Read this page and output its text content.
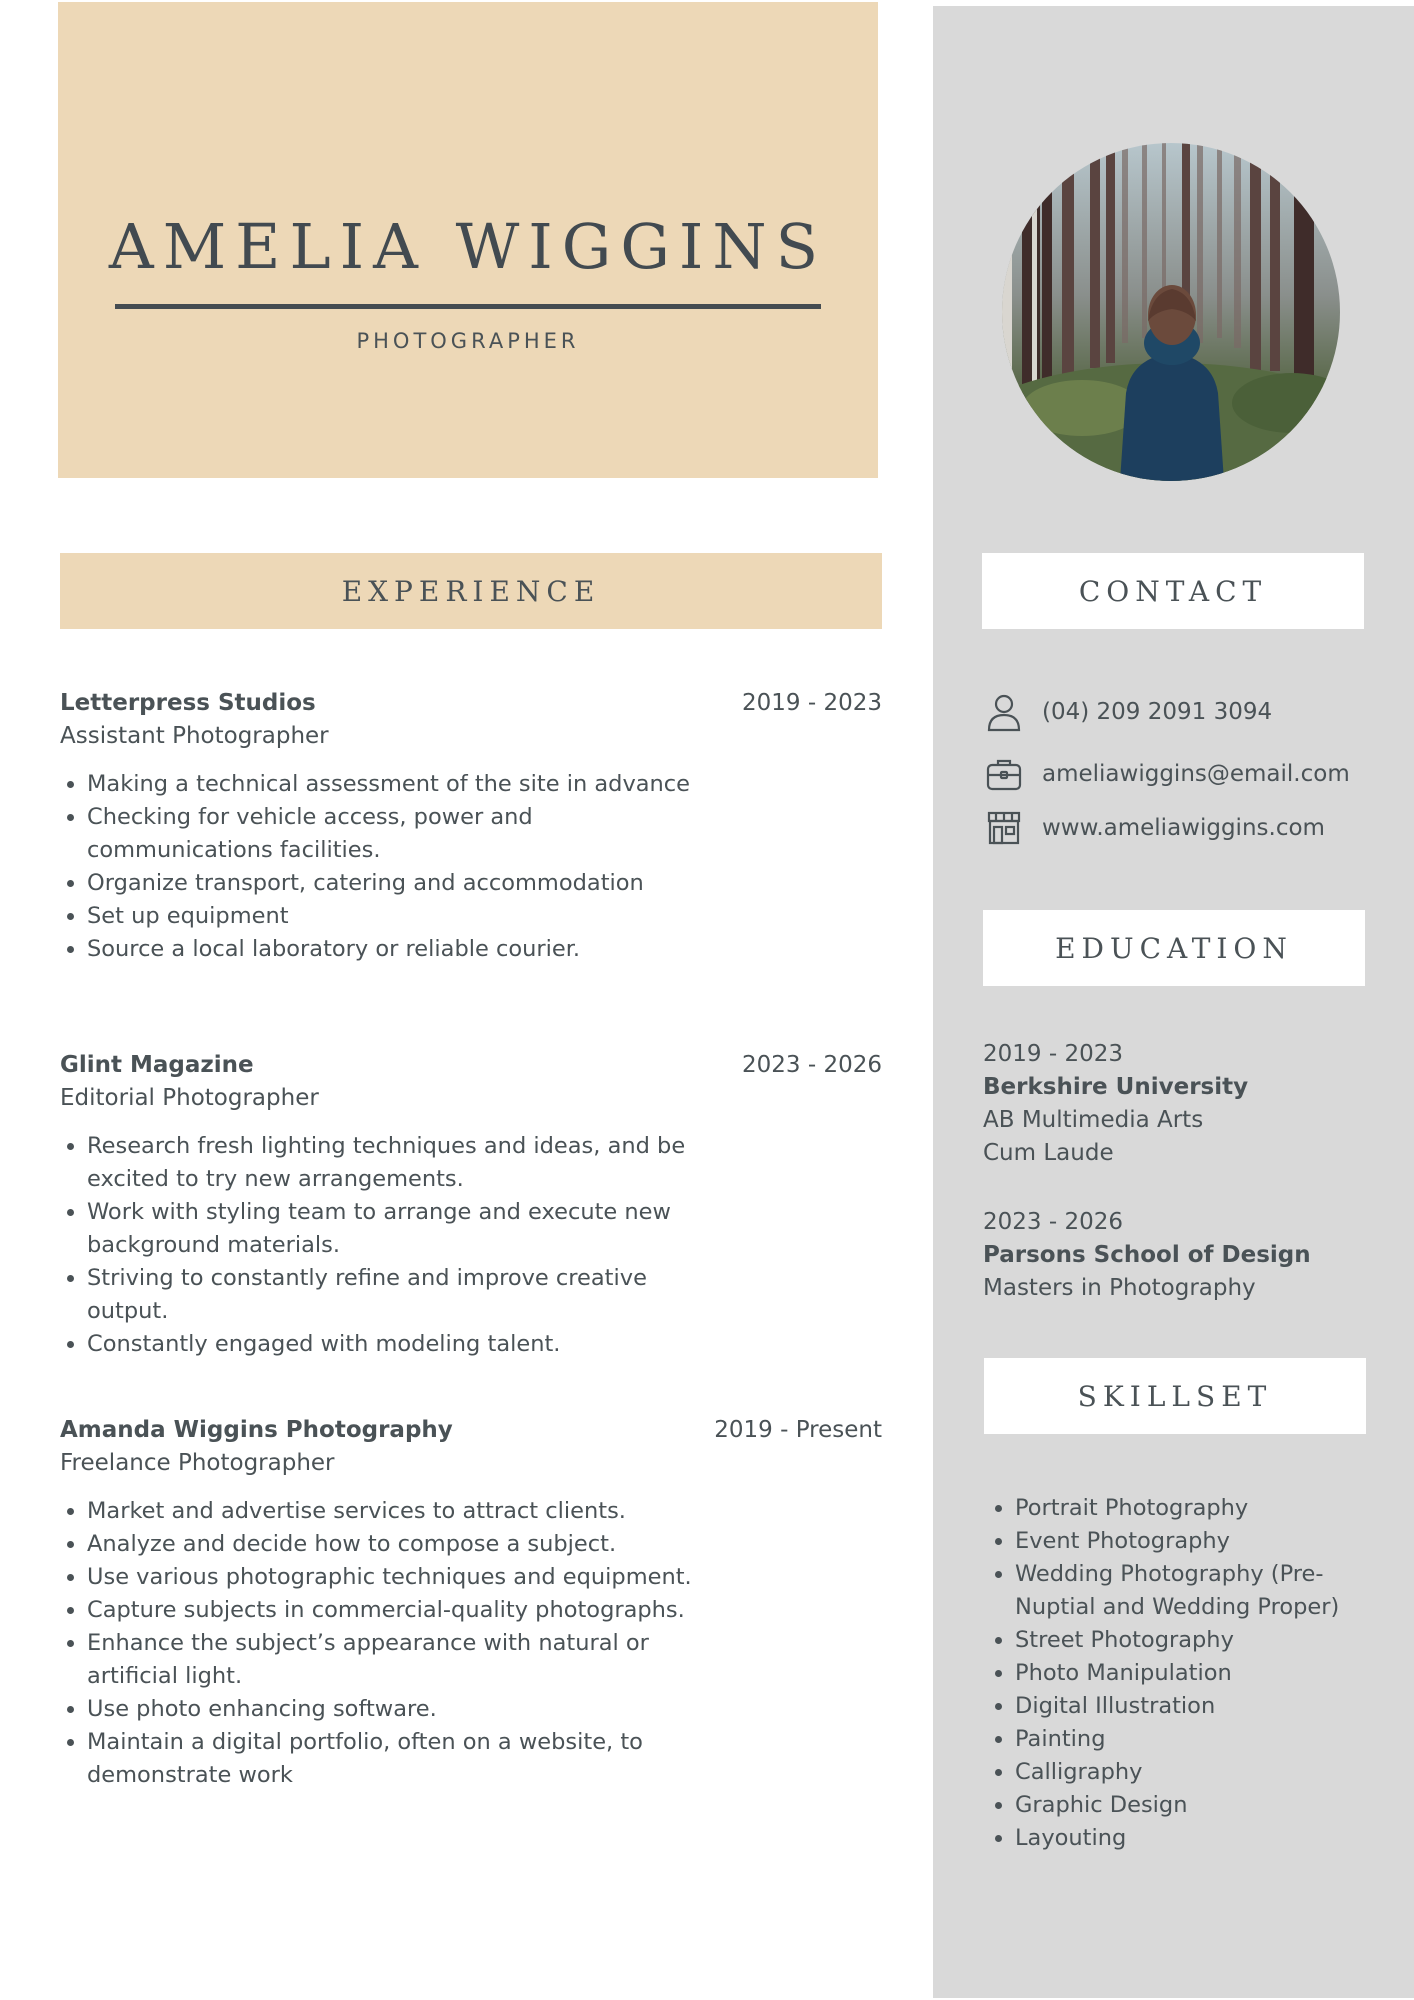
AMELIA WIGGINS
PHOTOGRAPHER
EXPERIENCE	CONTACT
EDUCATION
SKILLSET
Letterpress Studios	2019 - 2023
Assistant Photographer
• Making a technical assessment of the site in advance
• Checking for vehicle access, power and communications facilities.
• Organize transport, catering and accommodation
• Set up equipment
• Source a local laboratory or reliable courier.
Glint Magazine	2023 - 2026
Editorial Photographer
• Research fresh lighting techniques and ideas, and be excited to try new arrangements.
• Work with styling team to arrange and execute new background materials.
• Striving to constantly refine and improve creative output.
• Constantly engaged with modeling talent.
Amanda Wiggins Photography	2019 - Present
Freelance Photographer
• Market and advertise services to attract clients.
• Analyze and decide how to compose a subject.
• Use various photographic techniques and equipment.
• Capture subjects in commercial-quality photographs.
• Enhance the subject’s appearance with natural or artificial light.
• Use photo enhancing software.
• Maintain a digital portfolio, often on a website, to demonstrate work
(04) 209 2091 3094
ameliawiggins@email.com
www.ameliawiggins.com
2019 - 2023
Berkshire University
AB Multimedia Arts
Cum Laude
2023 - 2026
Parsons School of Design
Masters in Photography
• Portrait Photography
• Event Photography
• Wedding Photography (Pre-Nuptial and Wedding Proper)
• Street Photography
• Photo Manipulation
• Digital Illustration
• Painting
• Calligraphy
• Graphic Design
• Layouting
